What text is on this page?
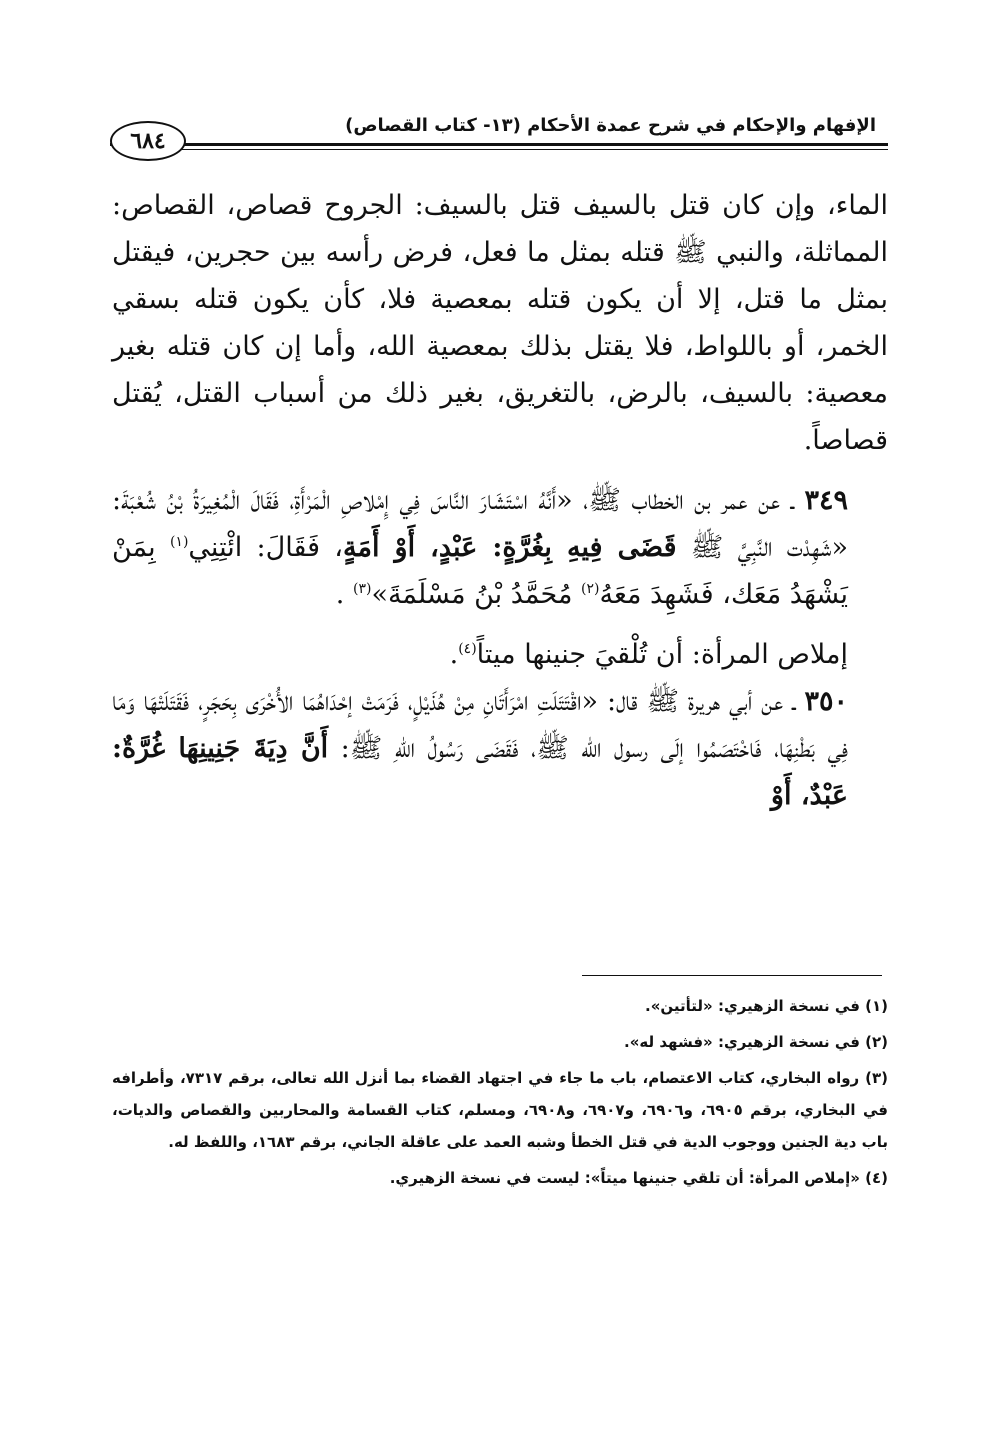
٦٨٤
الإفهام والإحكام في شرح عمدة الأحكام (١٣- كتاب القصاص)

الماء، وإن كان قتل بالسيف قتل بالسيف: الجروح قصاص، القصاص: المماثلة، والنبي ﷺ قتله بمثل ما فعل، فرض رأسه بين حجرين، فيقتل بمثل ما قتل، إلا أن يكون قتله بمعصية فلا، كأن يكون قتله بسقي الخمر، أو باللواط، فلا يقتل بذلك بمعصية الله، وأما إن كان قتله بغير معصية: بالسيف، بالرض، بالتغريق، بغير ذلك من أسباب القتل، يُقتل قصاصاً.

٣٤٩ ـ عن عمر بن الخطاب ﷺ، «أَنَّهُ اسْتَشَارَ النَّاسَ فِي إِمْلاصِ الْمَرْأَةِ، فَقَالَ الْمُغِيرَةُ بْنُ شُعْبَةَ: «شَهِدْت النَّبِيَّ ﷺ قَضَى فِيهِ بِغُرَّةٍ: عَبْدٍ، أَوْ أَمَةٍ، فَقَالَ: ائْتِنِي$^{(١)}$ بِمَنْ يَشْهَدُ مَعَك، فَشَهِدَ مَعَهُ$^{(٢)}$ مُحَمَّدُ بْنُ مَسْلَمَةَ»$^{(٣)}$ .

إملاص المرأة: أن تُلْقيَ جنينها ميتاً$^{(٤)}$.

٣٥٠ ـ عن أبي هريرة ﷺ قال: «اقْتَتَلَتِ امْرَأَتَانِ مِنْ هُذَيْلٍ، فَرَمَتْ إحْدَاهُمَا الأُخْرَى بِحَجَرٍ، فَقَتَلَتْهَا وَمَا فِي بَطْنِهَا، فَاخْتَصَمُوا إلَى رسول الله ﷺ، فَقَضَى رَسُولُ اللهِ ﷺ: أَنَّ دِيَةَ جَنِينِهَا غُرَّةٌ: عَبْدٌ، أَوْ

(١) في نسخة الزهيري: «لتأتين».

(٢) في نسخة الزهيري: «فشهد له».

(٣) رواه البخاري، كتاب الاعتصام، باب ما جاء في اجتهاد القضاء بما أنزل الله تعالى، برقم ٧٣١٧، وأطرافه في البخاري، برقم ٦٩٠٥، و٦٩٠٦، و٦٩٠٧، و٦٩٠٨، ومسلم، كتاب القسامة والمحاربين والقصاص والديات، باب دية الجنين ووجوب الدية في قتل الخطأ وشبه العمد على عاقلة الجاني، برقم ١٦٨٣، واللفظ له.

(٤) «إملاص المرأة: أن تلقي جنينها ميتاً»: ليست في نسخة الزهيري.
